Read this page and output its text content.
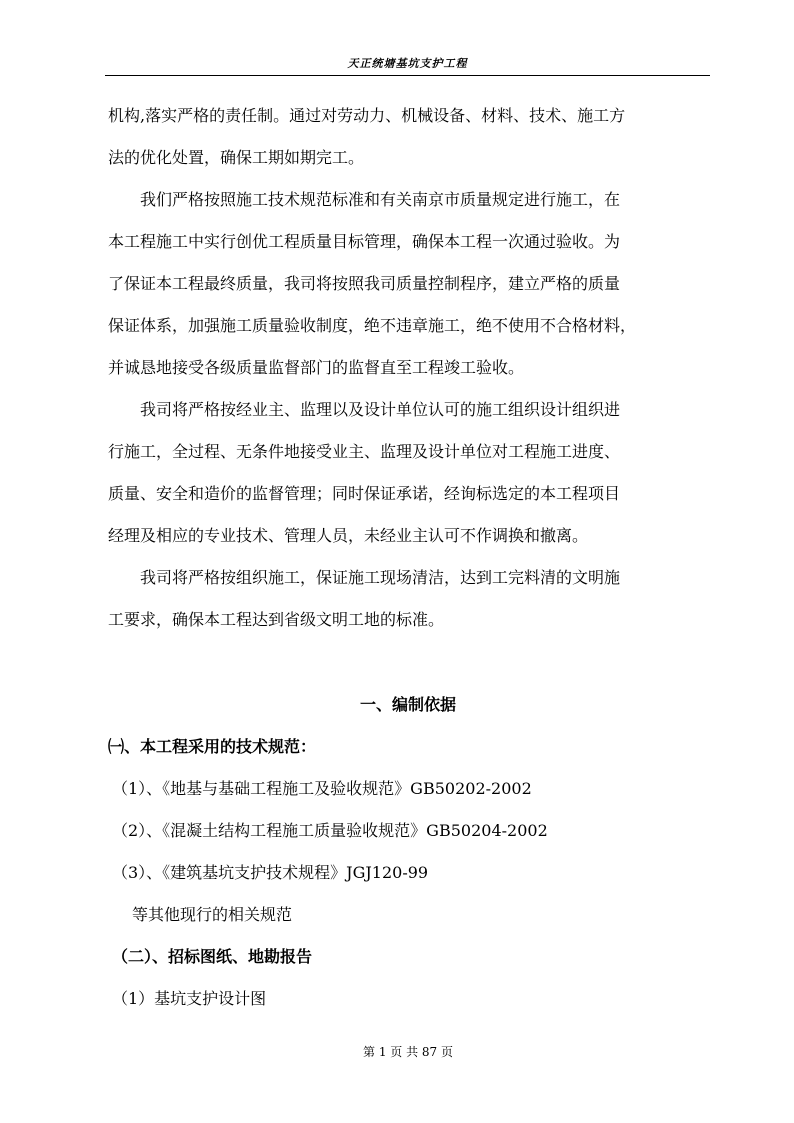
天正统塘基坑支护工程
机构,落实严格的责任制。通过对劳动力、机械设备、材料、技术、施工方
法的优化处置，确保工期如期完工。
我们严格按照施工技术规范标准和有关南京市质量规定进行施工，在
本工程施工中实行创优工程质量目标管理，确保本工程一次通过验收。为
了保证本工程最终质量，我司将按照我司质量控制程序，建立严格的质量
保证体系，加强施工质量验收制度，绝不违章施工，绝不使用不合格材料，
并诚恳地接受各级质量监督部门的监督直至工程竣工验收。
我司将严格按经业主、监理以及设计单位认可的施工组织设计组织进
行施工，全过程、无条件地接受业主、监理及设计单位对工程施工进度、
质量、安全和造价的监督管理；同时保证承诺，经询标选定的本工程项目
经理及相应的专业技术、管理人员，未经业主认可不作调换和撤离。
我司将严格按组织施工，保证施工现场清洁，达到工完料清的文明施
工要求，确保本工程达到省级文明工地的标准。
一、编制依据
㈠、本工程采用的技术规范：
（1）、《地基与基础工程施工及验收规范》GB50202-2002
（2）、《混凝土结构工程施工质量验收规范》GB50204-2002
（3）、《建筑基坑支护技术规程》JGJ120-99
等其他现行的相关规范
（二）、招标图纸、地勘报告
（1）基坑支护设计图
第 1 页 共 87 页
